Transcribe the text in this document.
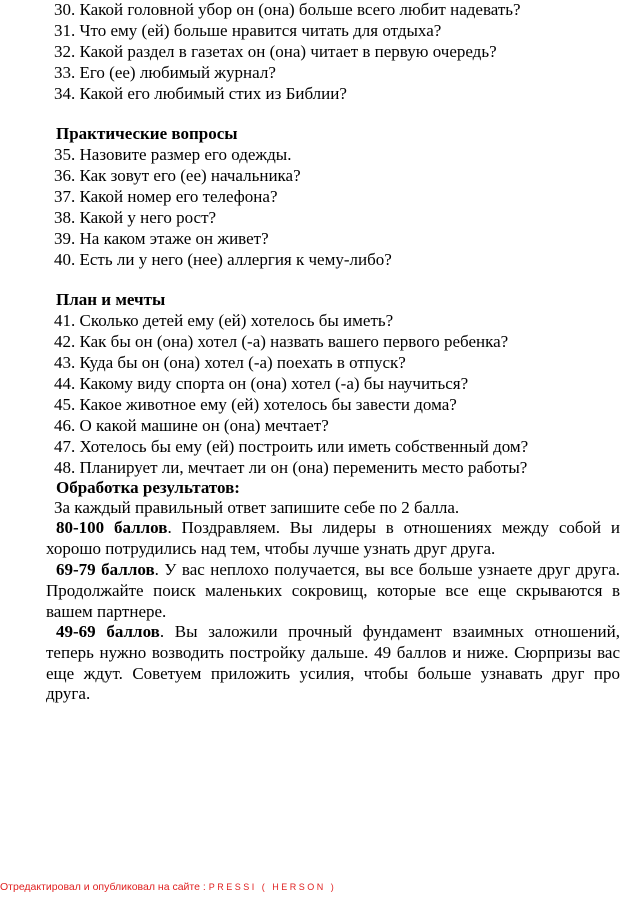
30. Какой головной убор он (она) больше всего любит надевать?
31. Что ему (ей) больше нравится читать для отдыха?
32. Какой раздел в газетах он (она) читает в первую очередь?
33. Его (ее) любимый журнал?
34. Какой его любимый стих из Библии?
Практические вопросы
35. Назовите размер его одежды.
36. Как зовут его (ее) начальника?
37. Какой номер его телефона?
38. Какой у него рост?
39. На каком этаже он живет?
40. Есть ли у него (нее) аллергия к чему-либо?
План и мечты
41. Сколько детей ему (ей) хотелось бы иметь?
42. Как бы он (она) хотел (-а) назвать вашего первого ребенка?
43. Куда бы он (она) хотел (-а) поехать в отпуск?
44. Какому виду спорта он (она) хотел (-а) бы научиться?
45. Какое животное ему (ей) хотелось бы завести дома?
46. О какой машине он (она) мечтает?
47. Хотелось бы ему (ей) построить или иметь собственный дом?
48. Планирует ли, мечтает ли он (она) переменить место работы?
Обработка результатов:
За каждый правильный ответ запишите себе по 2 балла.
80-100 баллов. Поздравляем. Вы лидеры в отношениях между собой и хорошо потрудились над тем, чтобы лучше узнать друг друга.
69-79 баллов. У вас неплохо получается, вы все больше узнаете друг друга. Продолжайте поиск маленьких сокровищ, которые все еще скрываются в вашем партнере.
49-69 баллов. Вы заложили прочный фундамент взаимных отношений, теперь нужно возводить постройку дальше. 49 баллов и ниже. Сюрпризы вас еще ждут. Советуем приложить усилия, чтобы больше узнавать друг про друга.
Отредактировал и опубликовал на сайте : PRESSI ( HERSON )
